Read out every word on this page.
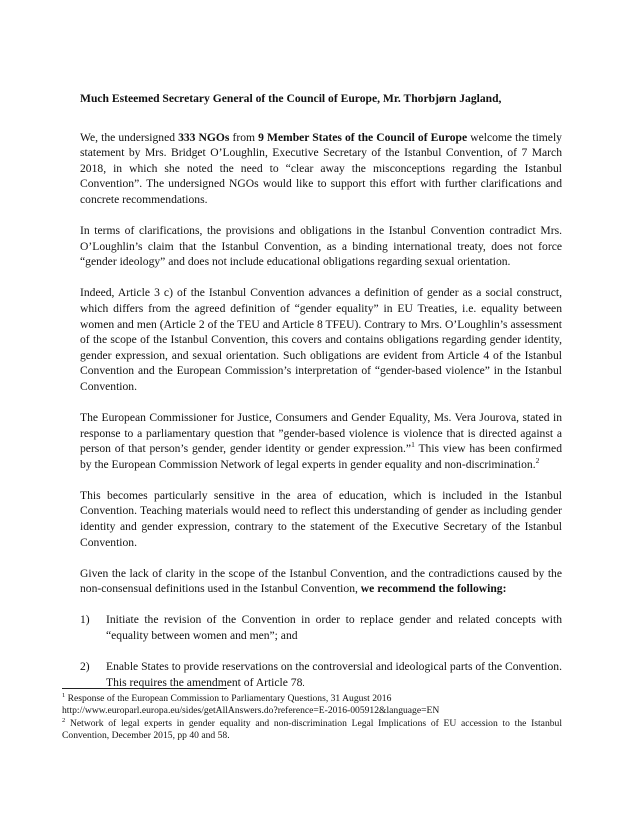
Much Esteemed Secretary General of the Council of Europe, Mr. Thorbjørn Jagland,

We, the undersigned 333 NGOs from 9 Member States of the Council of Europe welcome the timely statement by Mrs. Bridget O’Loughlin, Executive Secretary of the Istanbul Convention, of 7 March 2018, in which she noted the need to “clear away the misconceptions regarding the Istanbul Convention”. The undersigned NGOs would like to support this effort with further clarifications and concrete recommendations.

In terms of clarifications, the provisions and obligations in the Istanbul Convention contradict Mrs. O’Loughlin’s claim that the Istanbul Convention, as a binding international treaty, does not force “gender ideology” and does not include educational obligations regarding sexual orientation.

Indeed, Article 3 c) of the Istanbul Convention advances a definition of gender as a social construct, which differs from the agreed definition of “gender equality” in EU Treaties, i.e. equality between women and men (Article 2 of the TEU and Article 8 TFEU). Contrary to Mrs. O’Loughlin’s assessment of the scope of the Istanbul Convention, this covers and contains obligations regarding gender identity, gender expression, and sexual orientation. Such obligations are evident from Article 4 of the Istanbul Convention and the European Commission’s interpretation of “gender-based violence” in the Istanbul Convention.

The European Commissioner for Justice, Consumers and Gender Equality, Ms. Vera Jourova, stated in response to a parliamentary question that ”gender-based violence is violence that is directed against a person of that person’s gender, gender identity or gender expression.”$^1$ This view has been confirmed by the European Commission Network of legal experts in gender equality and non-discrimination.$^2$

This becomes particularly sensitive in the area of education, which is included in the Istanbul Convention. Teaching materials would need to reflect this understanding of gender as including gender identity and gender expression, contrary to the statement of the Executive Secretary of the Istanbul Convention.

Given the lack of clarity in the scope of the Istanbul Convention, and the contradictions caused by the non-consensual definitions used in the Istanbul Convention, we recommend the following:

1) Initiate the revision of the Convention in order to replace gender and related concepts with “equality between women and men”; and
2) Enable States to provide reservations on the controversial and ideological parts of the Convention. This requires the amendment of Article 78.
$^1$ Response of the European Commission to Parliamentary Questions, 31 August 2016
http://www.europarl.europa.eu/sides/getAllAnswers.do?reference=E-2016-005912&language=EN
$^2$ Network of legal experts in gender equality and non-discrimination Legal Implications of EU accession to the Istanbul Convention, December 2015, pp 40 and 58.
